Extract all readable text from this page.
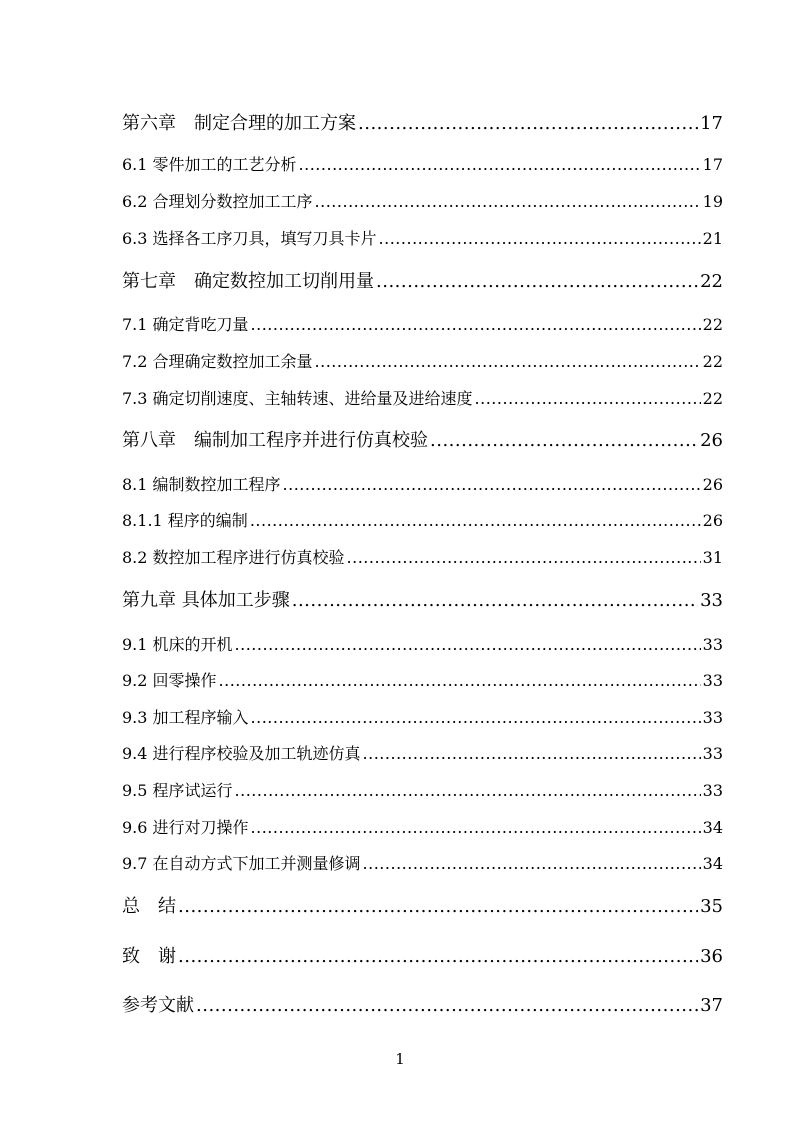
第六章　制定合理的加工方案 .....	17
6.1 零件加工的工艺分析 .....	17
6.2 合理划分数控加工工序 .....	19
6.3 选择各工序刀具，填写刀具卡片 .....	21
第七章　确定数控加工切削用量 .....	22
7.1 确定背吃刀量 .....	22
7.2 合理确定数控加工余量 .....	22
7.3 确定切削速度、主轴转速、进给量及进给速度 .....	22
第八章　编制加工程序并进行仿真校验 .....	26
8.1 编制数控加工程序 .....	26
8.1.1 程序的编制 .....	26
8.2 数控加工程序进行仿真校验 .....	31
第九章 具体加工步骤 .....	33
9.1 机床的开机 .....	33
9.2 回零操作 .....	33
9.3 加工程序输入 .....	33
9.4 进行程序校验及加工轨迹仿真 .....	33
9.5 程序试运行 .....	33
9.6 进行对刀操作 .....	34
9.7 在自动方式下加工并测量修调 .....	34
总　结 .....	35
致　谢 .....	36
参考文献 .....	37
1
